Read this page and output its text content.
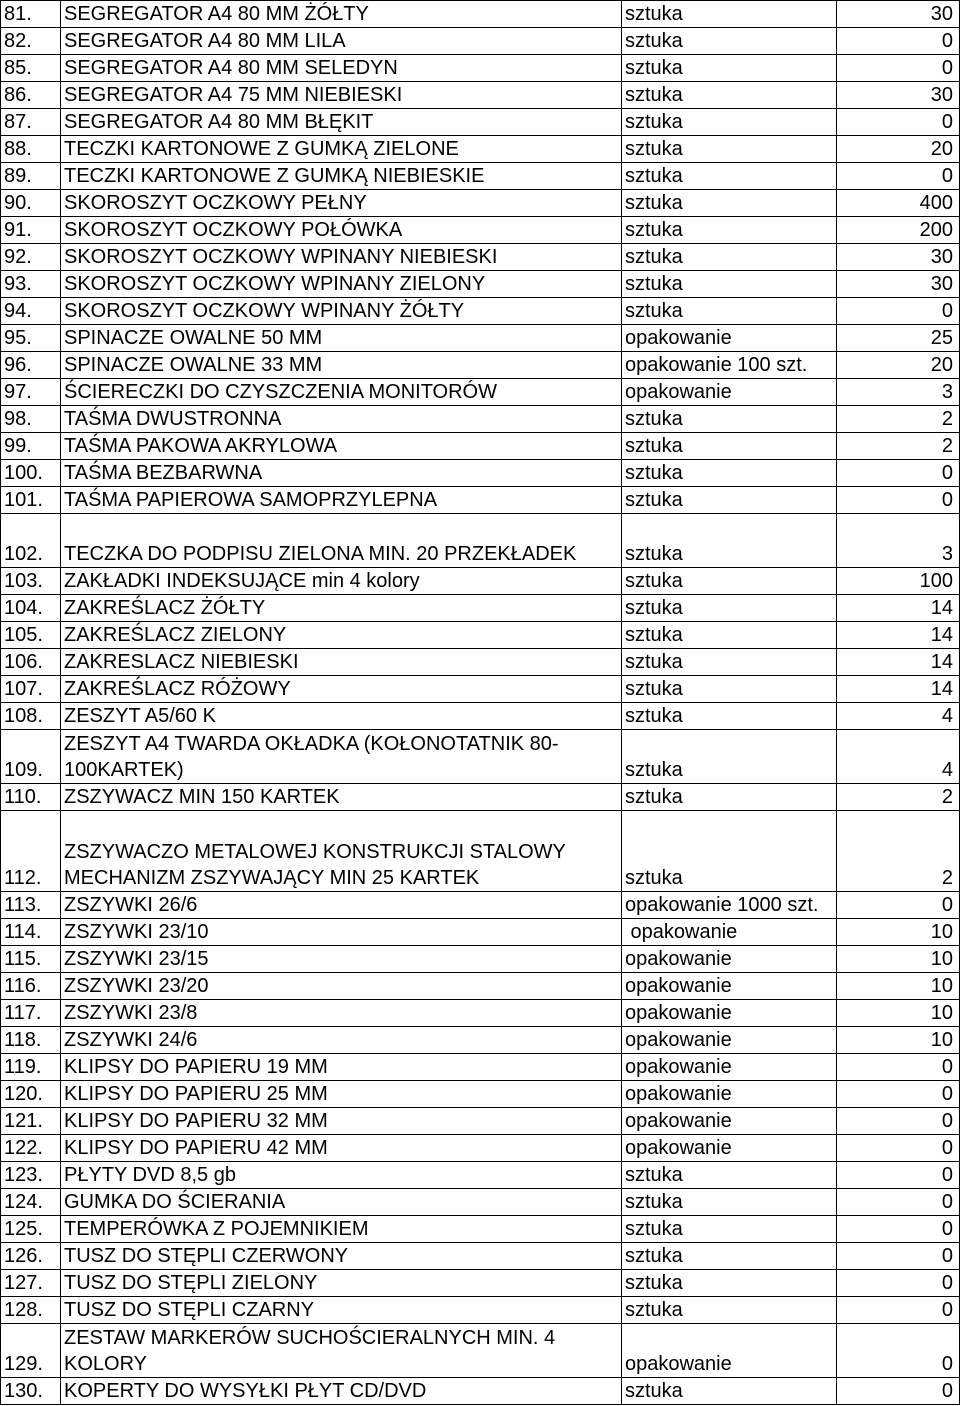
81.	SEGREGATOR A4 80 MM ŻÓŁTY	sztuka	30
82.	SEGREGATOR A4 80 MM LILA	sztuka	0
85.	SEGREGATOR A4 80 MM SELEDYN	sztuka	0
86.	SEGREGATOR A4 75 MM NIEBIESKI	sztuka	30
87.	SEGREGATOR A4 80 MM BŁĘKIT	sztuka	0
88.	TECZKI KARTONOWE Z GUMKĄ ZIELONE	sztuka	20
89.	TECZKI KARTONOWE Z GUMKĄ NIEBIESKIE	sztuka	0
90.	SKOROSZYT OCZKOWY PEŁNY	sztuka	400
91.	SKOROSZYT OCZKOWY POŁÓWKA	sztuka	200
92.	SKOROSZYT OCZKOWY WPINANY NIEBIESKI	sztuka	30
93.	SKOROSZYT OCZKOWY WPINANY ZIELONY	sztuka	30
94.	SKOROSZYT OCZKOWY WPINANY ŻÓŁTY	sztuka	0
95.	SPINACZE OWALNE 50 MM	opakowanie	25
96.	SPINACZE OWALNE 33 MM	opakowanie 100 szt.	20
97.	ŚCIERECZKI DO CZYSZCZENIA MONITORÓW	opakowanie	3
98.	TAŚMA DWUSTRONNA	sztuka	2
99.	TAŚMA PAKOWA AKRYLOWA	sztuka	2
100.	TAŚMA BEZBARWNA	sztuka	0
101.	TAŚMA PAPIEROWA SAMOPRZYLEPNA	sztuka	0
102.	TECZKA DO PODPISU ZIELONA MIN. 20 PRZEKŁADEK	sztuka	3
103.	ZAKŁADKI INDEKSUJĄCE min 4 kolory	sztuka	100
104.	ZAKREŚLACZ ŻÓŁTY	sztuka	14
105.	ZAKREŚLACZ ZIELONY	sztuka	14
106.	ZAKRESLACZ NIEBIESKI	sztuka	14
107.	ZAKREŚLACZ RÓŻOWY	sztuka	14
108.	ZESZYT A5/60 K	sztuka	4
109.	ZESZYT A4 TWARDA OKŁADKA (KOŁONOTATNIK 80-100KARTEK)	sztuka	4
110.	ZSZYWACZ MIN 150 KARTEK	sztuka	2
112.	ZSZYWACZO METALOWEJ KONSTRUKCJI STALOWY MECHANIZM ZSZYWAJĄCY MIN 25 KARTEK	sztuka	2
113.	ZSZYWKI 26/6	opakowanie 1000 szt.	0
114.	ZSZYWKI 23/10	opakowanie	10
115.	ZSZYWKI 23/15	opakowanie	10
116.	ZSZYWKI 23/20	opakowanie	10
117.	ZSZYWKI 23/8	opakowanie	10
118.	ZSZYWKI 24/6	opakowanie	10
119.	KLIPSY DO PAPIERU 19 MM	opakowanie	0
120.	KLIPSY DO PAPIERU 25 MM	opakowanie	0
121.	KLIPSY DO PAPIERU 32 MM	opakowanie	0
122.	KLIPSY DO PAPIERU 42 MM	opakowanie	0
123.	PŁYTY DVD 8,5 gb	sztuka	0
124.	GUMKA DO ŚCIERANIA	sztuka	0
125.	TEMPERÓWKA Z POJEMNIKIEM	sztuka	0
126.	TUSZ DO STĘPLI CZERWONY	sztuka	0
127.	TUSZ DO STĘPLI ZIELONY	sztuka	0
128.	TUSZ DO STĘPLI CZARNY	sztuka	0
129.	ZESTAW MARKERÓW SUCHOŚCIERALNYCH MIN. 4 KOLORY	opakowanie	0
130.	KOPERTY DO WYSYŁKI PŁYT CD/DVD	sztuka	0
